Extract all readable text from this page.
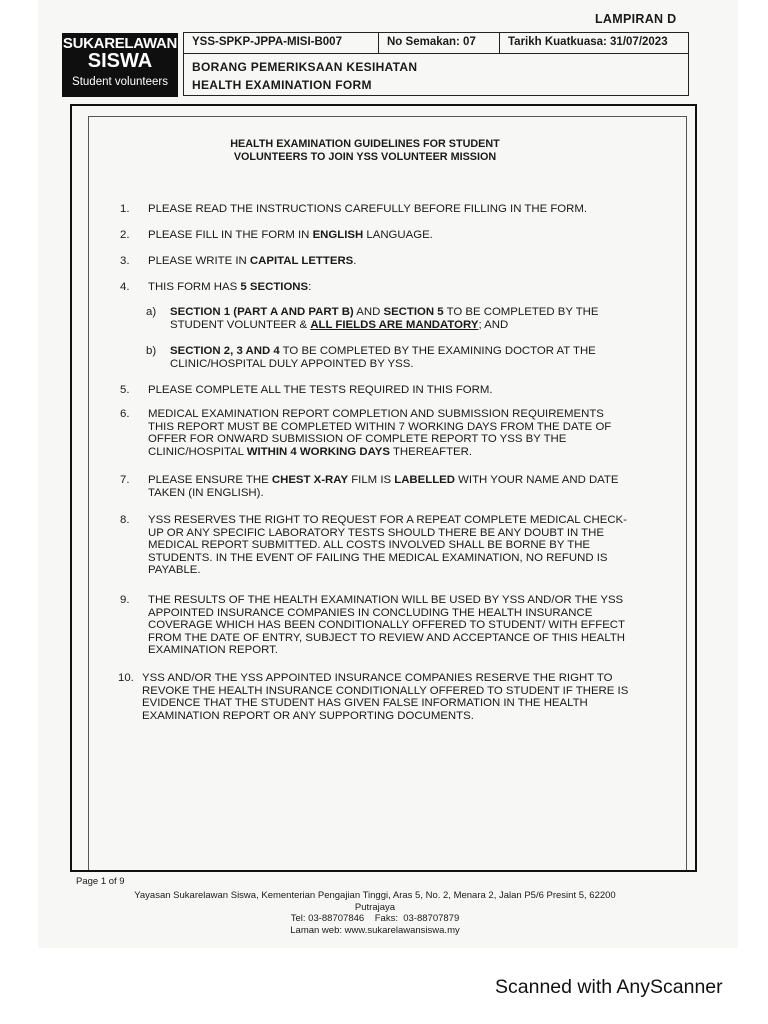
LAMPIRAN D
SUKARELAWAN
SISWA
Student volunteers
YSS-SPKP-JPPA-MISI-B007	No Semakan: 07	Tarikh Kuatkuasa: 31/07/2023
BORANG PEMERIKSAAN KESIHATAN
HEALTH EXAMINATION FORM
HEALTH EXAMINATION GUIDELINES FOR STUDENT
VOLUNTEERS TO JOIN YSS VOLUNTEER MISSION
1.	PLEASE READ THE INSTRUCTIONS CAREFULLY BEFORE FILLING IN THE FORM.
2.	PLEASE FILL IN THE FORM IN ENGLISH LANGUAGE.
3.	PLEASE WRITE IN CAPITAL LETTERS.
4.	THIS FORM HAS 5 SECTIONS:
a) SECTION 1 (PART A AND PART B) AND SECTION 5 TO BE COMPLETED BY THE
STUDENT VOLUNTEER & ALL FIELDS ARE MANDATORY; AND
b) SECTION 2, 3 AND 4 TO BE COMPLETED BY THE EXAMINING DOCTOR AT THE
CLINIC/HOSPITAL DULY APPOINTED BY YSS.
5.	PLEASE COMPLETE ALL THE TESTS REQUIRED IN THIS FORM.
6.	MEDICAL EXAMINATION REPORT COMPLETION AND SUBMISSION REQUIREMENTS
THIS REPORT MUST BE COMPLETED WITHIN 7 WORKING DAYS FROM THE DATE OF
OFFER FOR ONWARD SUBMISSION OF COMPLETE REPORT TO YSS BY THE
CLINIC/HOSPITAL WITHIN 4 WORKING DAYS THEREAFTER.
7.	PLEASE ENSURE THE CHEST X-RAY FILM IS LABELLED WITH YOUR NAME AND DATE
TAKEN (IN ENGLISH).

8.	YSS RESERVES THE RIGHT TO REQUEST FOR A REPEAT COMPLETE MEDICAL CHECK-
UP OR ANY SPECIFIC LABORATORY TESTS SHOULD THERE BE ANY DOUBT IN THE
MEDICAL REPORT SUBMITTED. ALL COSTS INVOLVED SHALL BE BORNE BY THE
STUDENTS. IN THE EVENT OF FAILING THE MEDICAL EXAMINATION, NO REFUND IS
PAYABLE.

9.	THE RESULTS OF THE HEALTH EXAMINATION WILL BE USED BY YSS AND/OR THE YSS
APPOINTED INSURANCE COMPANIES IN CONCLUDING THE HEALTH INSURANCE
COVERAGE WHICH HAS BEEN CONDITIONALLY OFFERED TO STUDENT/ WITH EFFECT
FROM THE DATE OF ENTRY, SUBJECT TO REVIEW AND ACCEPTANCE OF THIS HEALTH
EXAMINATION REPORT.

10. YSS AND/OR THE YSS APPOINTED INSURANCE COMPANIES RESERVE THE RIGHT TO
REVOKE THE HEALTH INSURANCE CONDITIONALLY OFFERED TO STUDENT IF THERE IS
EVIDENCE THAT THE STUDENT HAS GIVEN FALSE INFORMATION IN THE HEALTH
EXAMINATION REPORT OR ANY SUPPORTING DOCUMENTS.

Page 1 of 9
Yayasan Sukarelawan Siswa, Kementerian Pengajian Tinggi, Aras 5, No. 2, Menara 2, Jalan P5/6 Presint 5, 62200
Putrajaya
Tel: 03-88707846    Faks:  03-88707879
Laman web: www.sukarelawansiswa.my
Scanned with AnyScanner
